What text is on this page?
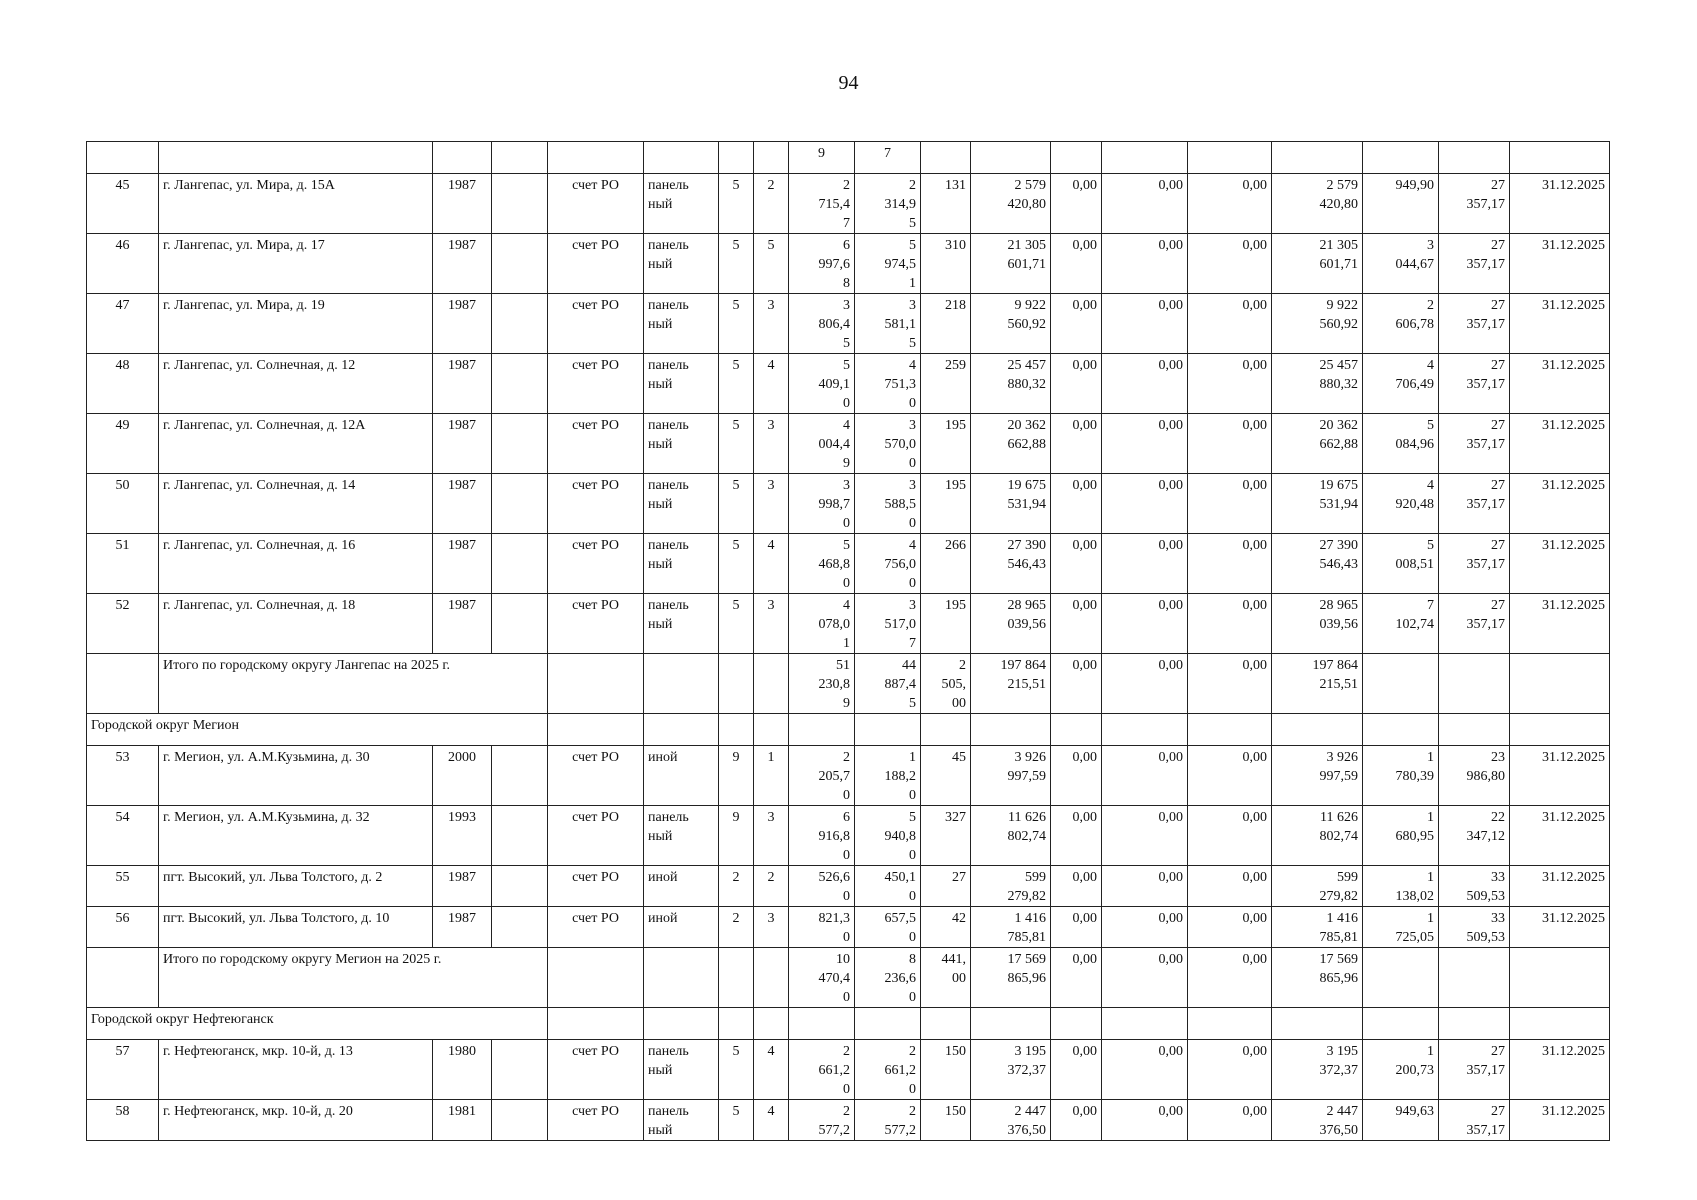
94
								9	7									
45	г. Лангепас, ул. Мира, д. 15А	1987		счет РО	панель
ный	5	2	2
715,4
7	2
314,9
5	131	2 579
420,80	0,00	0,00	0,00	2 579
420,80	949,90	27
357,17	31.12.2025
46	г. Лангепас, ул. Мира, д. 17	1987		счет РО	панель
ный	5	5	6
997,6
8	5
974,5
1	310	21 305
601,71	0,00	0,00	0,00	21 305
601,71	3
044,67	27
357,17	31.12.2025
47	г. Лангепас, ул. Мира, д. 19	1987		счет РО	панель
ный	5	3	3
806,4
5	3
581,1
5	218	9 922
560,92	0,00	0,00	0,00	9 922
560,92	2
606,78	27
357,17	31.12.2025
48	г. Лангепас, ул. Солнечная, д. 12	1987		счет РО	панель
ный	5	4	5
409,1
0	4
751,3
0	259	25 457
880,32	0,00	0,00	0,00	25 457
880,32	4
706,49	27
357,17	31.12.2025
49	г. Лангепас, ул. Солнечная, д. 12А	1987		счет РО	панель
ный	5	3	4
004,4
9	3
570,0
0	195	20 362
662,88	0,00	0,00	0,00	20 362
662,88	5
084,96	27
357,17	31.12.2025
50	г. Лангепас, ул. Солнечная, д. 14	1987		счет РО	панель
ный	5	3	3
998,7
0	3
588,5
0	195	19 675
531,94	0,00	0,00	0,00	19 675
531,94	4
920,48	27
357,17	31.12.2025
51	г. Лангепас, ул. Солнечная, д. 16	1987		счет РО	панель
ный	5	4	5
468,8
0	4
756,0
0	266	27 390
546,43	0,00	0,00	0,00	27 390
546,43	5
008,51	27
357,17	31.12.2025
52	г. Лангепас, ул. Солнечная, д. 18	1987		счет РО	панель
ный	5	3	4
078,0
1	3
517,0
7	195	28 965
039,56	0,00	0,00	0,00	28 965
039,56	7
102,74	27
357,17	31.12.2025
	Итого по городскому округу Лангепас на 2025 г.							51
230,8
9	44
887,4
5	2
505,
00	197 864
215,51	0,00	0,00	0,00	197 864
215,51			
Городской округ Мегион																		
53	г. Мегион, ул. А.М.Кузьмина, д. 30	2000		счет РО	иной	9	1	2
205,7
0	1
188,2
0	45	3 926
997,59	0,00	0,00	0,00	3 926
997,59	1
780,39	23
986,80	31.12.2025
54	г. Мегион, ул. А.М.Кузьмина, д. 32	1993		счет РО	панель
ный	9	3	6
916,8
0	5
940,8
0	327	11 626
802,74	0,00	0,00	0,00	11 626
802,74	1
680,95	22
347,12	31.12.2025
55	пгт. Высокий, ул. Льва Толстого, д. 2	1987		счет РО	иной	2	2	526,6
0	450,1
0	27	599
279,82	0,00	0,00	0,00	599
279,82	1
138,02	33
509,53	31.12.2025
56	пгт. Высокий, ул. Льва Толстого, д. 10	1987		счет РО	иной	2	3	821,3
0	657,5
0	42	1 416
785,81	0,00	0,00	0,00	1 416
785,81	1
725,05	33
509,53	31.12.2025
	Итого по городскому округу Мегион на 2025 г.							10
470,4
0	8
236,6
0	441,
00	17 569
865,96	0,00	0,00	0,00	17 569
865,96			
Городской округ Нефтеюганск																		
57	г. Нефтеюганск, мкр. 10-й, д. 13	1980		счет РО	панель
ный	5	4	2
661,2
0	2
661,2
0	150	3 195
372,37	0,00	0,00	0,00	3 195
372,37	1
200,73	27
357,17	31.12.2025
58	г. Нефтеюганск, мкр. 10-й, д. 20	1981		счет РО	панель
ный	5	4	2
577,2	2
577,2	150	2 447
376,50	0,00	0,00	0,00	2 447
376,50	949,63	27
357,17	31.12.2025
